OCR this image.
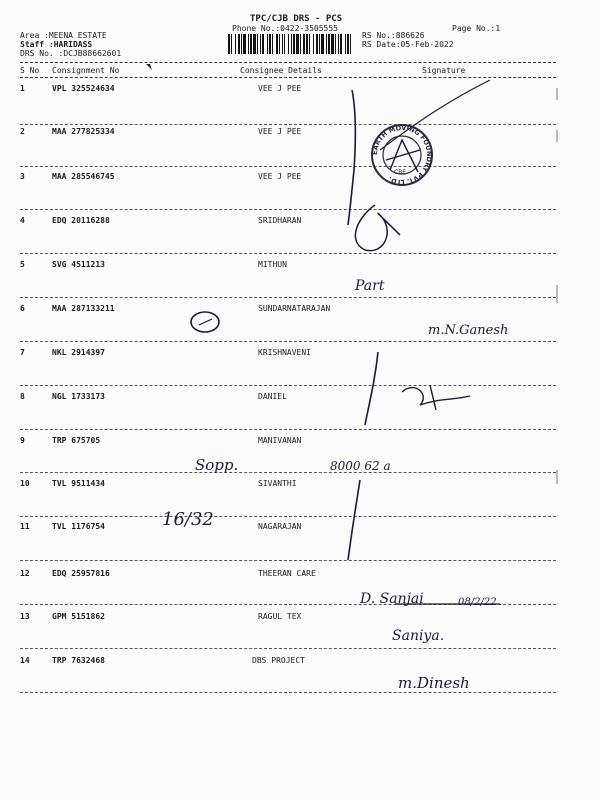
TPC/CJB DRS - PCS
Phone No.:0422-3505555	Page No.:1
Area :MEENA ESTATE
Staff :HARIDASS
DRS No. :DCJB88662601
RS No.:886626
RS Date:05-Feb-2022
S No Consignment No	Consignee Details	Signature
1	VPL 325524634	VEE J PEE
2	MAA 277825334	VEE J PEE
3	MAA 285546745	VEE J PEE
4	EDQ 20116288	SRIDHARAN
5	SVG 4511213	MITHUN
6	MAA 287133211	SUNDARNATARAJAN
7	NKL 2914397	KRISHNAVENI
8	NGL 1733173	DANIEL
9	TRP 675705	MANIVANAN
10	TVL 9511434	SIVANTHI
11	TVL 1176754	NAGARAJAN
12	EDQ 25957816	THEERAN CARE
13	GPM 5151862	RAGUL TEX
14	TRP 7632468	DBS PROJECT
EARTH MOVING FOUNDRY PVT. LTD.
CBE
Part
m.N.Ganesh
Sopp.	8000 62 a
16/32
D. Sanjai	08/2/22
Saniya.
m.Dinesh
